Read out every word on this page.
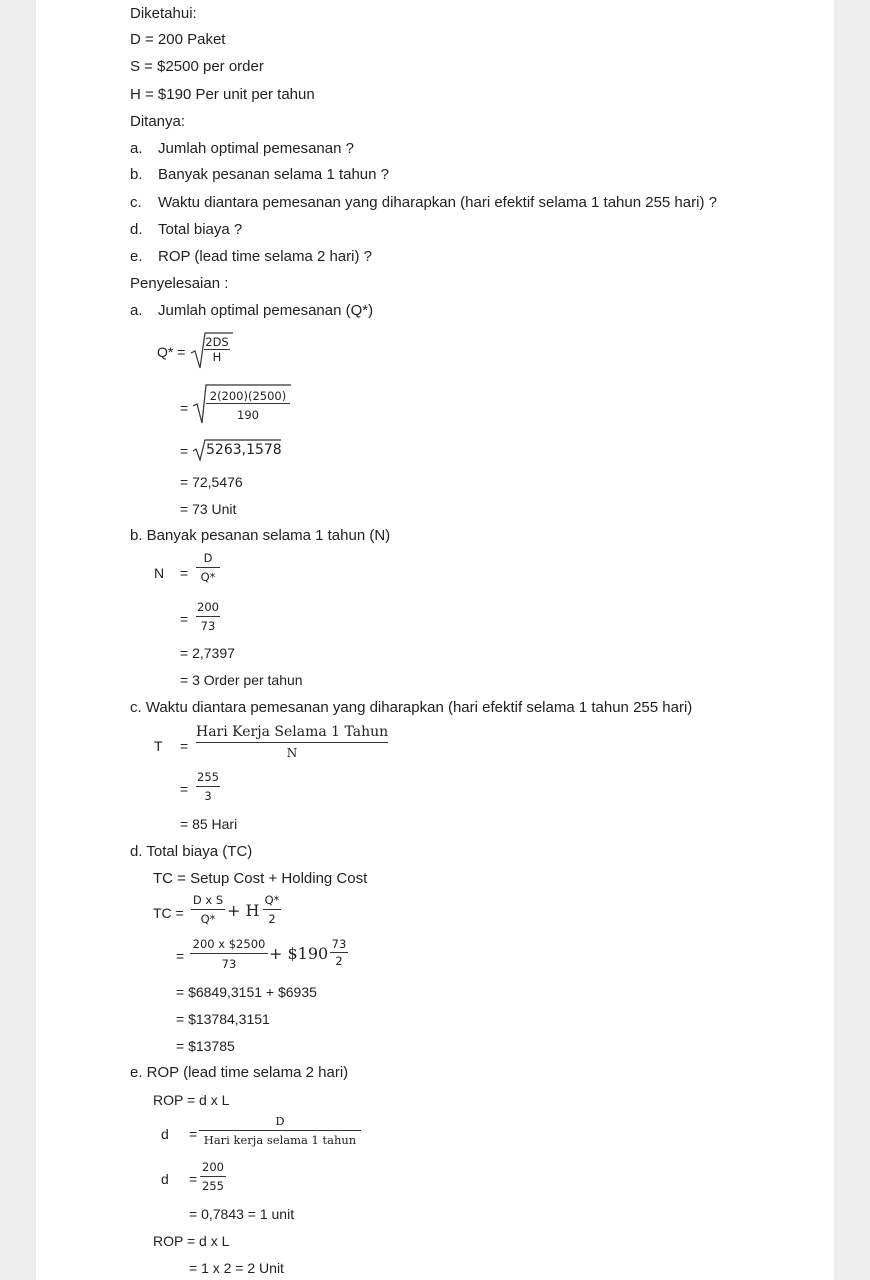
Diketahui:
D = 200 Paket
S = $2500 per order
H = $190 Per unit per tahun
Ditanya:
a. Jumlah optimal pemesanan ?
b. Banyak pesanan selama 1 tahun ?
c. Waktu diantara pemesanan yang diharapkan (hari efektif selama 1 tahun 255 hari) ?
d. Total biaya ?
e. ROP (lead time selama 2 hari) ?
Penyelesaian :
a. Jumlah optimal pemesanan (Q*)
Q* =
2DS
H
=
2(200)(2500)
190
= 5263,1578
= 72,5476
= 73 Unit
b. Banyak pesanan selama 1 tahun (N)
N =
D
Q*
=
200
73
= 2,7397
= 3 Order per tahun
c. Waktu diantara pemesanan yang diharapkan (hari efektif selama 1 tahun 255 hari)
T =
Hari Kerja Selama 1 Tahun
N
=
255
3
= 85 Hari
d. Total biaya (TC)
TC = Setup Cost + Holding Cost
TC =
D x S
Q* + H
Q*
2
=
200 x $2500
73
+ $190 73
2
= $6849,3151 + $6935
= $13784,3151
= $13785
e. ROP (lead time selama 2 hari)
ROP = d x L
d =
D
Hari kerja selama 1 tahun
d =
200
255
= 0,7843 = 1 unit
ROP = d x L
= 1 x 2 = 2 Unit
